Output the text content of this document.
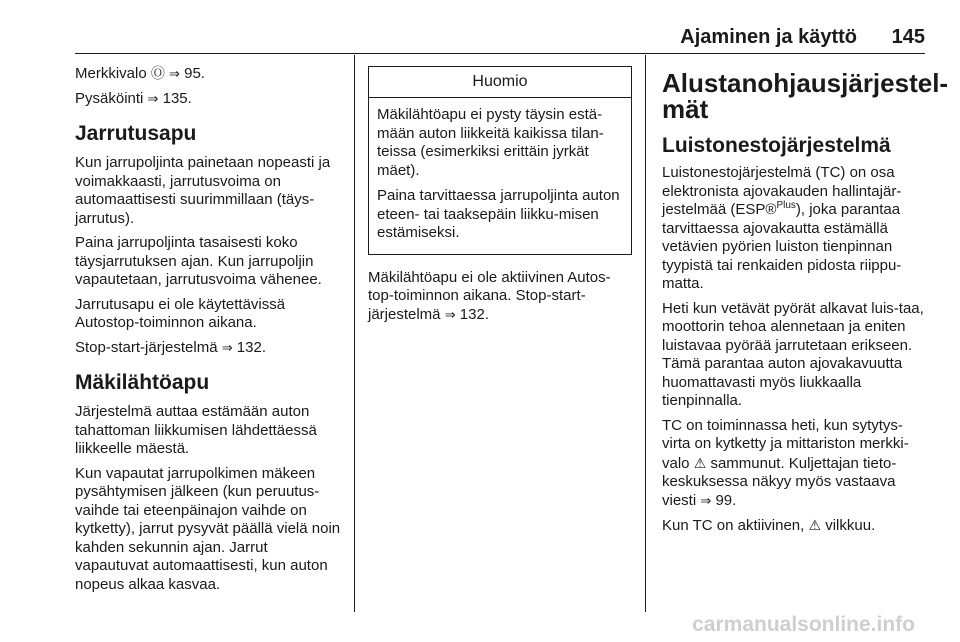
Ajaminen ja käyttö 145

Merkkivalo Ⓞ ⇒ 95.

Pysäköinti ⇒ 135.

Jarrutusapu

Kun jarrupoljinta painetaan nopeasti ja voimakkaasti, jarrutusvoima on automaattisesti suurimmillaan (täys-jarrutus).

Paina jarrupoljinta tasaisesti koko täysjarrutuksen ajan. Kun jarrupoljin vapautetaan, jarrutusvoima vähenee.

Jarrutusapu ei ole käytettävissä Autostop-toiminnon aikana.

Stop-start-järjestelmä ⇒ 132.

Mäkilähtöapu

Järjestelmä auttaa estämään auton tahattoman liikkumisen lähdettäessä liikkeelle mäestä.

Kun vapautat jarrupolkimen mäkeen pysähtymisen jälkeen (kun peruutus-vaihde tai eteenpäinajon vaihde on kytketty), jarrut pysyvät päällä vielä noin kahden sekunnin ajan. Jarrut vapautuvat automaattisesti, kun auton nopeus alkaa kasvaa.

Huomio

Mäkilähtöapu ei pysty täysin estä-mään auton liikkeitä kaikissa tilan-teissa (esimerkiksi erittäin jyrkät mäet).

Paina tarvittaessa jarrupoljinta auton eteen- tai taaksepäin liikku-misen estämiseksi.

Mäkilähtöapu ei ole aktiivinen Autos-top-toiminnon aikana. Stop-start-järjestelmä ⇒ 132.

Alustanohjausjärjestel-mät
Luistonestojärjestelmä

Luistonestojärjestelmä (TC) on osa elektronista ajovakauden hallintajär-jestelmää (ESP®$^{Plus}$), joka parantaa tarvittaessa ajovakautta estämällä vetävien pyörien luiston tienpinnan tyypistä tai renkaiden pidosta riippu-matta.

Heti kun vetävät pyörät alkavat luis-taa, moottorin tehoa alennetaan ja eniten luistavaa pyörää jarrutetaan erikseen. Tämä parantaa auton ajovakavuutta huomattavasti myös liukkaalla tienpinnalla.

TC on toiminnassa heti, kun sytytys-virta on kytketty ja mittariston merkki-valo ⚠ sammunut. Kuljettajan tieto-keskuksessa näkyy myös vastaava viesti ⇒ 99.

Kun TC on aktiivinen, ⚠ vilkkuu.

carmanualsonline.info
